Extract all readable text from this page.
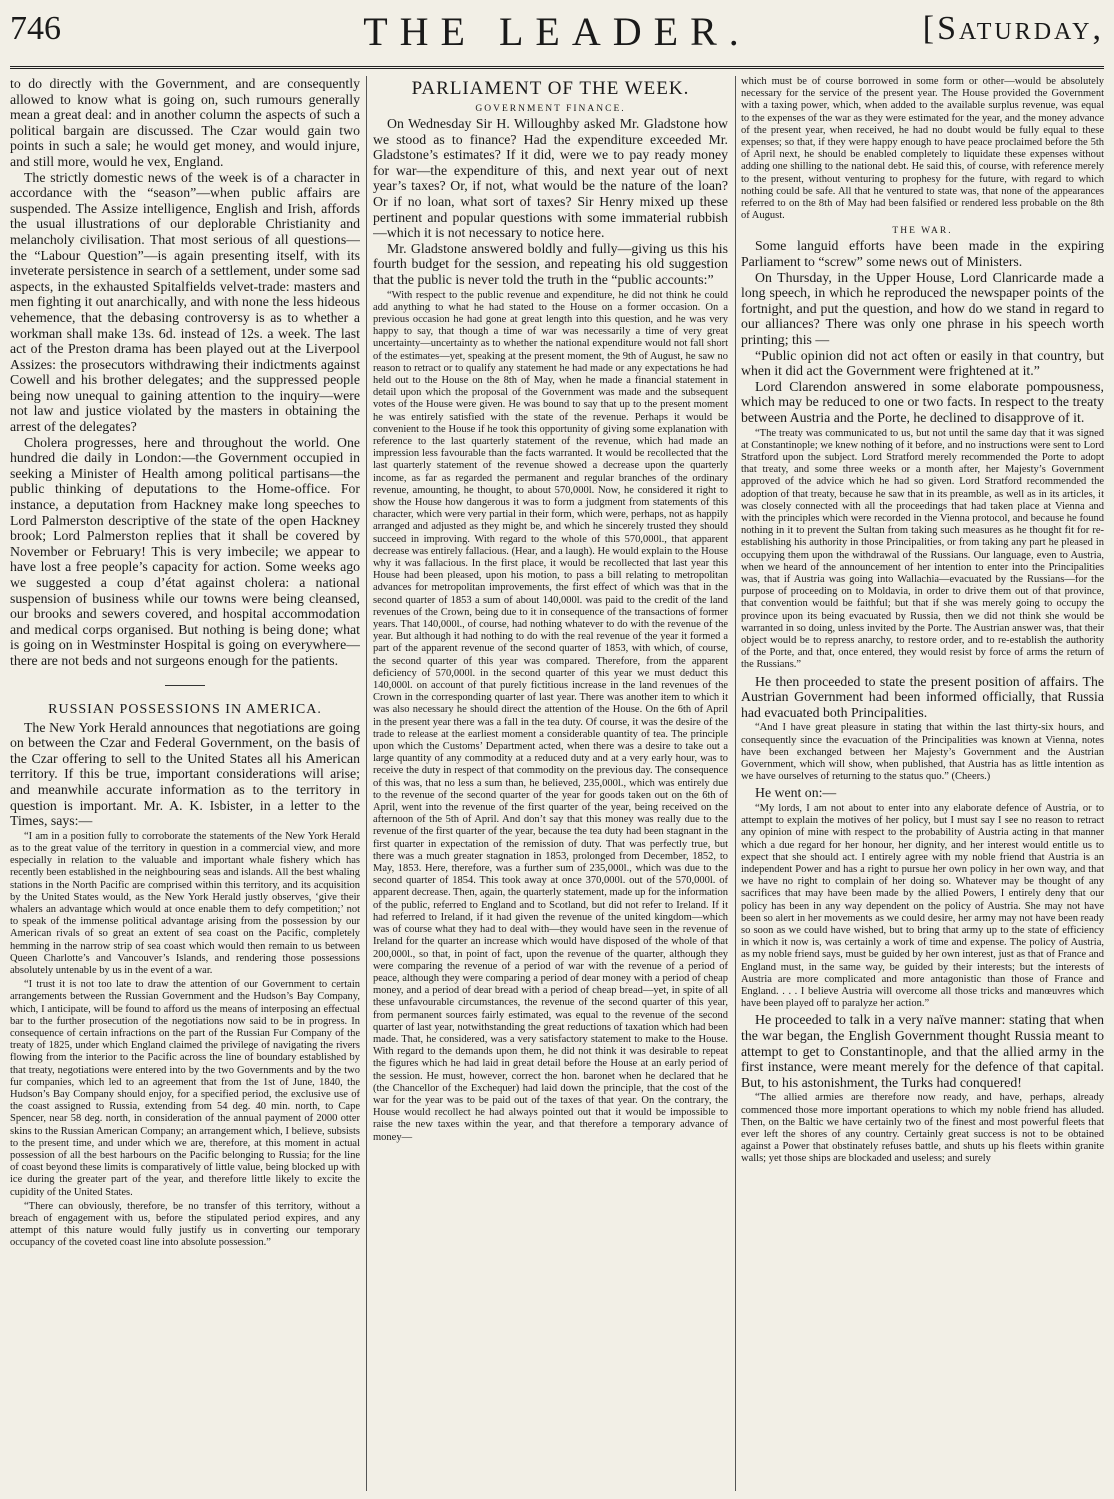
746	THE LEADER.	[Saturday,

to do directly with the Government, and are consequently allowed to know what is going on, such rumours generally mean a great deal: and in another column the aspects of such a political bargain are discussed. The Czar would gain two points in such a sale; he would get money, and would injure, and still more, would he vex, England.

The strictly domestic news of the week is of a character in accordance with the “season”—when public affairs are suspended. The Assize intelligence, English and Irish, affords the usual illustrations of our deplorable Christianity and melancholy civilisation. That most serious of all questions—the “Labour Question”—is again presenting itself, with its inveterate persistence in search of a settlement, under some sad aspects, in the exhausted Spitalfields velvet-trade: masters and men fighting it out anarchically, and with none the less hideous vehemence, that the debasing controversy is as to whether a workman shall make 13s. 6d. instead of 12s. a week. The last act of the Preston drama has been played out at the Liverpool Assizes: the prosecutors withdrawing their indictments against Cowell and his brother delegates; and the suppressed people being now unequal to gaining attention to the inquiry—were not law and justice violated by the masters in obtaining the arrest of the delegates?

Cholera progresses, here and throughout the world. One hundred die daily in London:—the Government occupied in seeking a Minister of Health among political partisans—the public thinking of deputations to the Home-office. For instance, a deputation from Hackney make long speeches to Lord Palmerston descriptive of the state of the open Hackney brook; Lord Palmerston replies that it shall be covered by November or February! This is very imbecile; we appear to have lost a free people’s capacity for action. Some weeks ago we suggested a coup d’état against cholera: a national suspension of business while our towns were being cleansed, our brooks and sewers covered, and hospital accommodation and medical corps organised. But nothing is being done; what is going on in Westminster Hospital is going on everywhere—there are not beds and not surgeons enough for the patients.

RUSSIAN POSSESSIONS IN AMERICA.

The New York Herald announces that negotiations are going on between the Czar and Federal Government, on the basis of the Czar offering to sell to the United States all his American territory. If this be true, important considerations will arise; and meanwhile accurate information as to the territory in question is important. Mr. A. K. Isbister, in a letter to the Times, says:—

“I am in a position fully to corroborate the statements of the New York Herald as to the great value of the territory in question in a commercial view, and more especially in relation to the valuable and important whale fishery which has recently been established in the neighbouring seas and islands. All the best whaling stations in the North Pacific are comprised within this territory, and its acquisition by the United States would, as the New York Herald justly observes, ‘give their whalers an advantage which would at once enable them to defy competition;’ not to speak of the immense political advantage arising from the possession by our American rivals of so great an extent of sea coast on the Pacific, completely hemming in the narrow strip of sea coast which would then remain to us between Queen Charlotte’s and Vancouver’s Islands, and rendering those possessions absolutely untenable by us in the event of a war.

“I trust it is not too late to draw the attention of our Government to certain arrangements between the Russian Government and the Hudson’s Bay Company, which, I anticipate, will be found to afford us the means of interposing an effectual bar to the further prosecution of the negotiations now said to be in progress. In consequence of certain infractions on the part of the Russian Fur Company of the treaty of 1825, under which England claimed the privilege of navigating the rivers flowing from the interior to the Pacific across the line of boundary established by that treaty, negotiations were entered into by the two Governments and by the two fur companies, which led to an agreement that from the 1st of June, 1840, the Hudson’s Bay Company should enjoy, for a specified period, the exclusive use of the coast assigned to Russia, extending from 54 deg. 40 min. north, to Cape Spencer, near 58 deg. north, in consideration of the annual payment of 2000 otter skins to the Russian American Company; an arrangement which, I believe, subsists to the present time, and under which we are, therefore, at this moment in actual possession of all the best harbours on the Pacific belonging to Russia; for the line of coast beyond these limits is comparatively of little value, being blocked up with ice during the greater part of the year, and therefore little likely to excite the cupidity of the United States.

“There can obviously, therefore, be no transfer of this territory, without a breach of engagement with us, before the stipulated period expires, and any attempt of this nature would fully justify us in converting our temporary occupancy of the coveted coast line into absolute possession.”

PARLIAMENT OF THE WEEK.
GOVERNMENT FINANCE.

On Wednesday Sir H. Willoughby asked Mr. Gladstone how we stood as to finance? Had the expenditure exceeded Mr. Gladstone’s estimates? If it did, were we to pay ready money for war—the expenditure of this, and next year out of next year’s taxes? Or, if not, what would be the nature of the loan? Or if no loan, what sort of taxes? Sir Henry mixed up these pertinent and popular questions with some immaterial rubbish—which it is not necessary to notice here.

Mr. Gladstone answered boldly and fully—giving us this his fourth budget for the session, and repeating his old suggestion that the public is never told the truth in the “public accounts:”

“With respect to the public revenue and expenditure, he did not think he could add anything to what he had stated to the House on a former occasion. On a previous occasion he had gone at great length into this question, and he was very happy to say, that though a time of war was necessarily a time of very great uncertainty—uncertainty as to whether the national expenditure would not fall short of the estimates—yet, speaking at the present moment, the 9th of August, he saw no reason to retract or to qualify any statement he had made or any expectations he had held out to the House on the 8th of May, when he made a financial statement in detail upon which the proposal of the Government was made and the subsequent votes of the House were given. He was bound to say that up to the present moment he was entirely satisfied with the state of the revenue. Perhaps it would be convenient to the House if he took this opportunity of giving some explanation with reference to the last quarterly statement of the revenue, which had made an impression less favourable than the facts warranted. It would be recollected that the last quarterly statement of the revenue showed a decrease upon the quarterly income, as far as regarded the permanent and regular branches of the ordinary revenue, amounting, he thought, to about 570,000l. Now, he considered it right to show the House how dangerous it was to form a judgment from statements of this character, which were very partial in their form, which were, perhaps, not as happily arranged and adjusted as they might be, and which he sincerely trusted they should succeed in improving. With regard to the whole of this 570,000l., that apparent decrease was entirely fallacious. (Hear, and a laugh). He would explain to the House why it was fallacious. In the first place, it would be recollected that last year this House had been pleased, upon his motion, to pass a bill relating to metropolitan advances for metropolitan improvements, the first effect of which was that in the second quarter of 1853 a sum of about 140,000l. was paid to the credit of the land revenues of the Crown, being due to it in consequence of the transactions of former years. That 140,000l., of course, had nothing whatever to do with the revenue of the year. But although it had nothing to do with the real revenue of the year it formed a part of the apparent revenue of the second quarter of 1853, with which, of course, the second quarter of this year was compared. Therefore, from the apparent deficiency of 570,000l. in the second quarter of this year we must deduct this 140,000l. on account of that purely fictitious increase in the land revenues of the Crown in the corresponding quarter of last year. There was another item to which it was also necessary he should direct the attention of the House. On the 6th of April in the present year there was a fall in the tea duty. Of course, it was the desire of the trade to release at the earliest moment a considerable quantity of tea. The principle upon which the Customs’ Department acted, when there was a desire to take out a large quantity of any commodity at a reduced duty and at a very early hour, was to receive the duty in respect of that commodity on the previous day. The consequence of this was, that no less a sum than, he believed, 235,000l., which was entirely due to the revenue of the second quarter of the year for goods taken out on the 6th of April, went into the revenue of the first quarter of the year, being received on the afternoon of the 5th of April. And don’t say that this money was really due to the revenue of the first quarter of the year, because the tea duty had been stagnant in the first quarter in expectation of the remission of duty. That was perfectly true, but there was a much greater stagnation in 1853, prolonged from December, 1852, to May, 1853. Here, therefore, was a further sum of 235,000l., which was due to the second quarter of 1854. This took away at once 370,000l. out of the 570,000l. of apparent decrease. Then, again, the quarterly statement, made up for the information of the public, referred to England and to Scotland, but did not refer to Ireland. If it had referred to Ireland, if it had given the revenue of the united kingdom—which was of course what they had to deal with—they would have seen in the revenue of Ireland for the quarter an increase which would have disposed of the whole of that 200,000l., so that, in point of fact, upon the revenue of the quarter, although they were comparing the revenue of a period of war with the revenue of a period of peace, although they were comparing a period of dear money with a period of cheap money, and a period of dear bread with a period of cheap bread—yet, in spite of all these unfavourable circumstances, the revenue of the second quarter of this year, from permanent sources fairly estimated, was equal to the revenue of the second quarter of last year, notwithstanding the great reductions of taxation which had been made. That, he considered, was a very satisfactory statement to make to the House. With regard to the demands upon them, he did not think it was desirable to repeat the figures which he had laid in great detail before the House at an early period of the session. He must, however, correct the hon. baronet when he declared that he (the Chancellor of the Exchequer) had laid down the principle, that the cost of the war for the year was to be paid out of the taxes of that year. On the contrary, the House would recollect he had always pointed out that it would be impossible to raise the new taxes within the year, and that therefore a temporary advance of money—

which must be of course borrowed in some form or other—would be absolutely necessary for the service of the present year. The House provided the Government with a taxing power, which, when added to the available surplus revenue, was equal to the expenses of the war as they were estimated for the year, and the money advance of the present year, when received, he had no doubt would be fully equal to these expenses; so that, if they were happy enough to have peace proclaimed before the 5th of April next, he should be enabled completely to liquidate these expenses without adding one shilling to the national debt. He said this, of course, with reference merely to the present, without venturing to prophesy for the future, with regard to which nothing could be safe. All that he ventured to state was, that none of the appearances referred to on the 8th of May had been falsified or rendered less probable on the 8th of August.

THE WAR.

Some languid efforts have been made in the expiring Parliament to “screw” some news out of Ministers.

On Thursday, in the Upper House, Lord Clanricarde made a long speech, in which he reproduced the newspaper points of the fortnight, and put the question, and how do we stand in regard to our alliances? There was only one phrase in his speech worth printing; this —

“Public opinion did not act often or easily in that country, but when it did act the Government were frightened at it.”

Lord Clarendon answered in some elaborate pompousness, which may be reduced to one or two facts. In respect to the treaty between Austria and the Porte, he declined to disapprove of it.

“The treaty was communicated to us, but not until the same day that it was signed at Constantinople; we knew nothing of it before, and no instructions were sent to Lord Stratford upon the subject. Lord Stratford merely recommended the Porte to adopt that treaty, and some three weeks or a month after, her Majesty’s Government approved of the advice which he had so given. Lord Stratford recommended the adoption of that treaty, because he saw that in its preamble, as well as in its articles, it was closely connected with all the proceedings that had taken place at Vienna and with the principles which were recorded in the Vienna protocol, and because he found nothing in it to prevent the Sultan from taking such measures as he thought fit for re-establishing his authority in those Principalities, or from taking any part he pleased in occupying them upon the withdrawal of the Russians. Our language, even to Austria, when we heard of the announcement of her intention to enter into the Principalities was, that if Austria was going into Wallachia—evacuated by the Russians—for the purpose of proceeding on to Moldavia, in order to drive them out of that province, that convention would be faithful; but that if she was merely going to occupy the province upon its being evacuated by Russia, then we did not think she would be warranted in so doing, unless invited by the Porte. The Austrian answer was, that their object would be to repress anarchy, to restore order, and to re-establish the authority of the Porte, and that, once entered, they would resist by force of arms the return of the Russians.”

He then proceeded to state the present position of affairs. The Austrian Government had been informed officially, that Russia had evacuated both Principalities.

“And I have great pleasure in stating that within the last thirty-six hours, and consequently since the evacuation of the Principalities was known at Vienna, notes have been exchanged between her Majesty’s Government and the Austrian Government, which will show, when published, that Austria has as little intention as we have ourselves of returning to the status quo.” (Cheers.)

He went on:—

“My lords, I am not about to enter into any elaborate defence of Austria, or to attempt to explain the motives of her policy, but I must say I see no reason to retract any opinion of mine with respect to the probability of Austria acting in that manner which a due regard for her honour, her dignity, and her interest would entitle us to expect that she should act. I entirely agree with my noble friend that Austria is an independent Power and has a right to pursue her own policy in her own way, and that we have no right to complain of her doing so. Whatever may be thought of any sacrifices that may have been made by the allied Powers, I entirely deny that our policy has been in any way dependent on the policy of Austria. She may not have been so alert in her movements as we could desire, her army may not have been ready so soon as we could have wished, but to bring that army up to the state of efficiency in which it now is, was certainly a work of time and expense. The policy of Austria, as my noble friend says, must be guided by her own interest, just as that of France and England must, in the same way, be guided by their interests; but the interests of Austria are more complicated and more antagonistic than those of France and England. . . . I believe Austria will overcome all those tricks and manœuvres which have been played off to paralyze her action.”

He proceeded to talk in a very naïve manner: stating that when the war began, the English Government thought Russia meant to attempt to get to Constantinople, and that the allied army in the first instance, were meant merely for the defence of that capital. But, to his astonishment, the Turks had conquered!

“The allied armies are therefore now ready, and have, perhaps, already commenced those more important operations to which my noble friend has alluded. Then, on the Baltic we have certainly two of the finest and most powerful fleets that ever left the shores of any country. Certainly great success is not to be obtained against a Power that obstinately refuses battle, and shuts up his fleets within granite walls; yet those ships are blockaded and useless; and surely
